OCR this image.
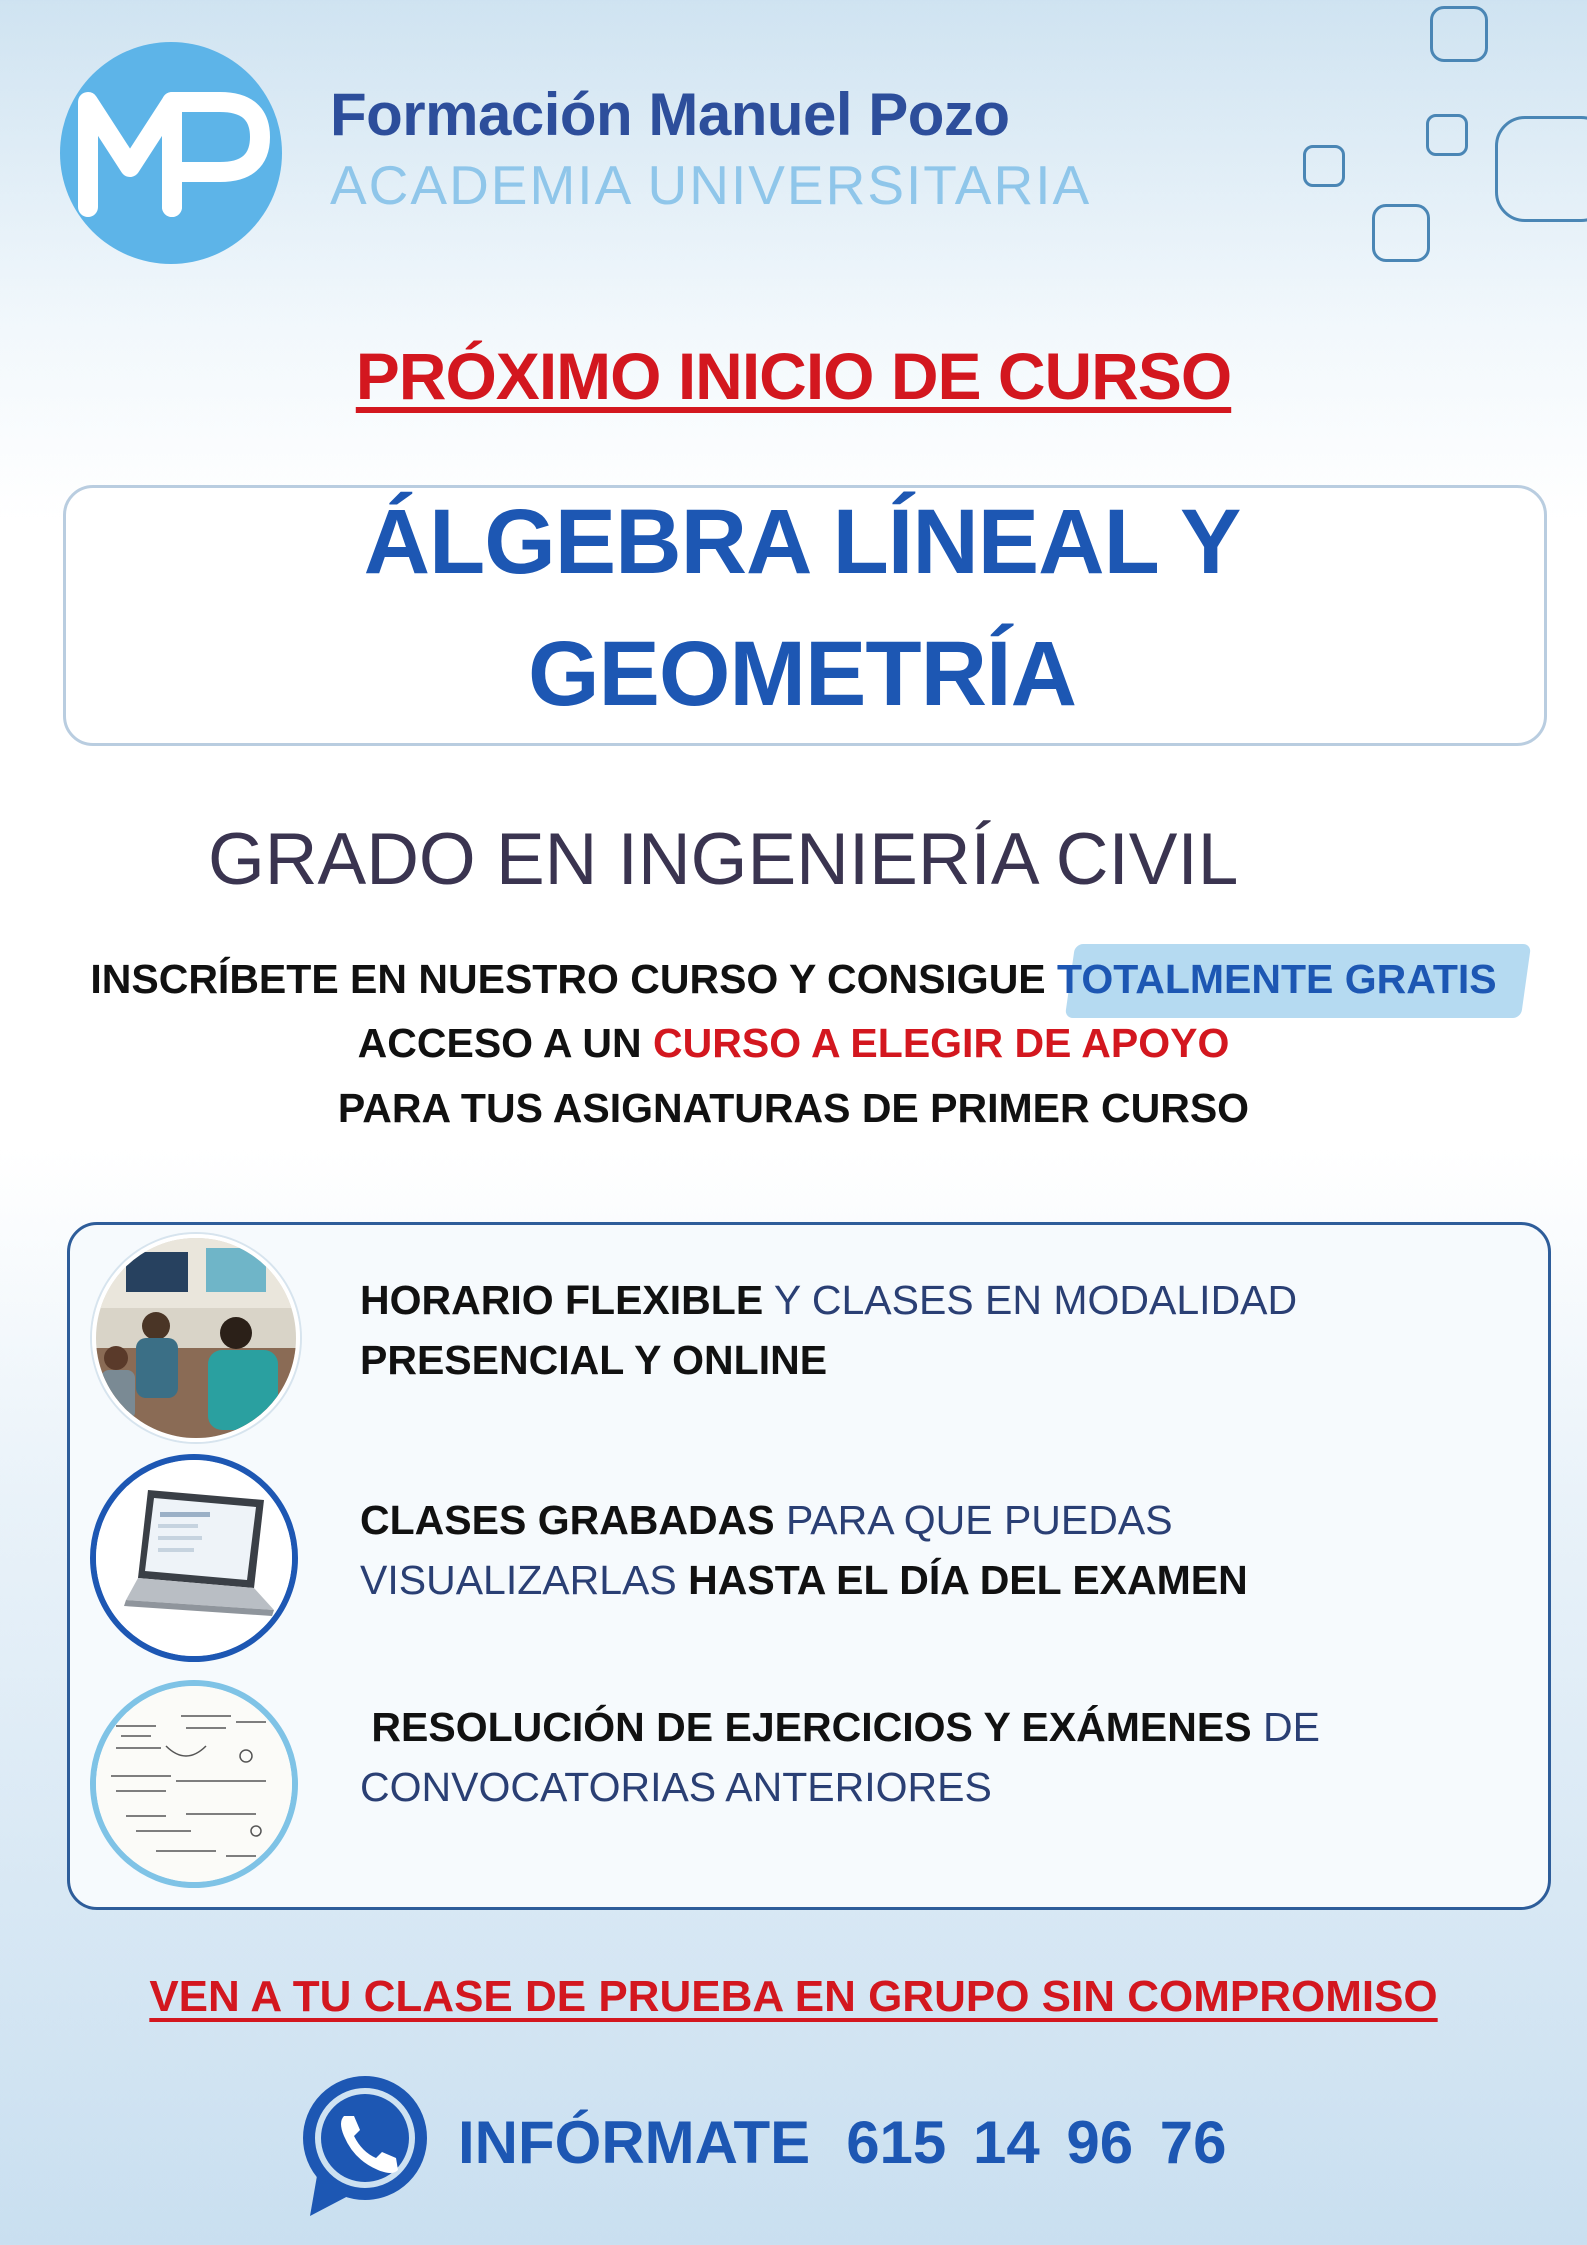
Formación Manuel Pozo
ACADEMIA UNIVERSITARIA
PRÓXIMO INICIO DE CURSO
ÁLGEBRA LÍNEAL Y
GEOMETRÍA
GRADO EN INGENIERÍA CIVIL
INSCRÍBETE EN NUESTRO CURSO Y CONSIGUE TOTALMENTE GRATIS
ACCESO A UN CURSO A ELEGIR DE APOYO
PARA TUS ASIGNATURAS DE PRIMER CURSO
HORARIO FLEXIBLE Y CLASES EN MODALIDAD
PRESENCIAL Y ONLINE
CLASES GRABADAS PARA QUE PUEDAS
VISUALIZARLAS HASTA EL DÍA DEL EXAMEN
RESOLUCIÓN DE EJERCICIOS Y EXÁMENES DE
CONVOCATORIAS ANTERIORES
VEN A TU CLASE DE PRUEBA EN GRUPO SIN COMPROMISO
INFÓRMATE 615 14 96 76
